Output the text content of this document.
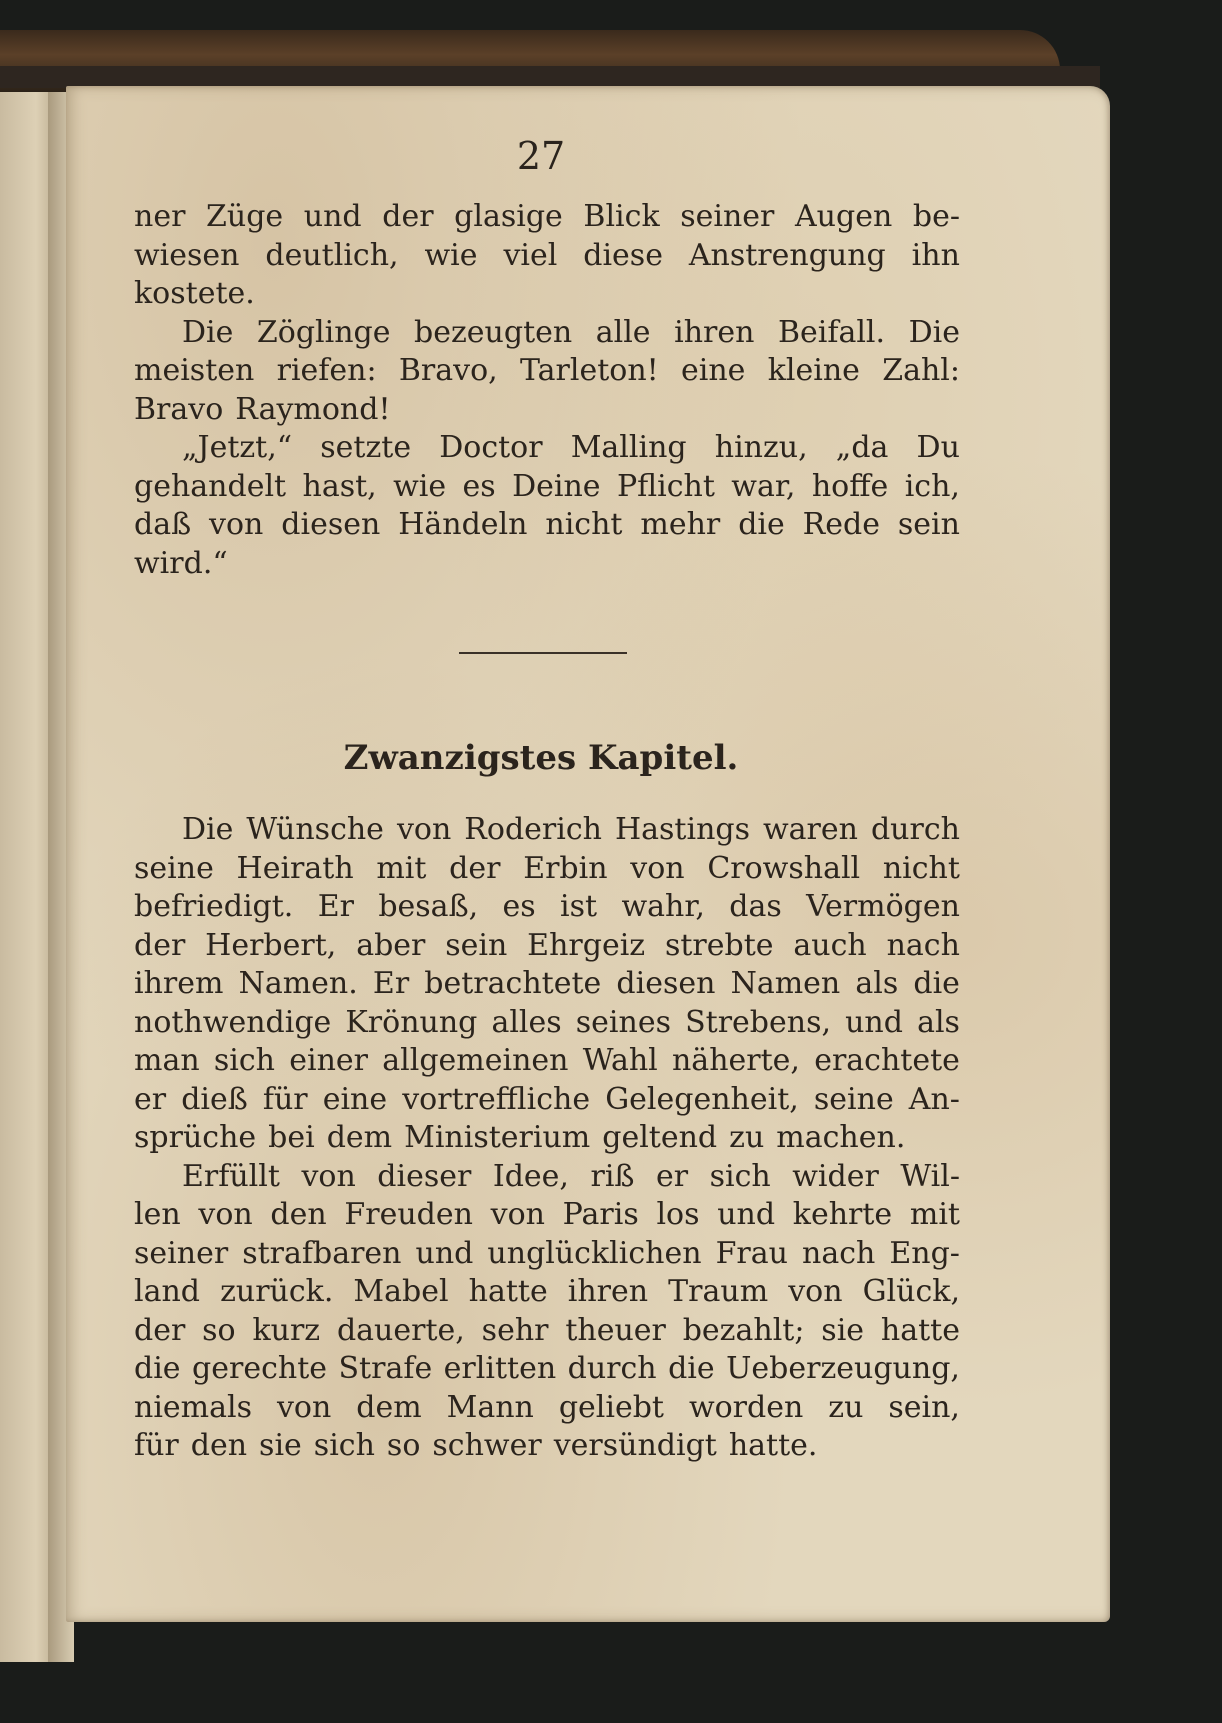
27
ner Züge und der glasige Blick seiner Augen be-
wiesen deutlich, wie viel diese Anstrengung ihn
kostete.
Die Zöglinge bezeugten alle ihren Beifall. Die
meisten riefen: Bravo, Tarleton! eine kleine Zahl:
Bravo Raymond!
„Jetzt,“ setzte Doctor Malling hinzu, „da Du
gehandelt hast, wie es Deine Pflicht war, hoffe ich,
daß von diesen Händeln nicht mehr die Rede sein
wird.“
Zwanzigstes Kapitel.
Die Wünsche von Roderich Hastings waren durch
seine Heirath mit der Erbin von Crowshall nicht
befriedigt. Er besaß, es ist wahr, das Vermögen
der Herbert, aber sein Ehrgeiz strebte auch nach
ihrem Namen. Er betrachtete diesen Namen als die
nothwendige Krönung alles seines Strebens, und als
man sich einer allgemeinen Wahl näherte, erachtete
er dieß für eine vortreffliche Gelegenheit, seine An-
sprüche bei dem Ministerium geltend zu machen.
Erfüllt von dieser Idee, riß er sich wider Wil-
len von den Freuden von Paris los und kehrte mit
seiner strafbaren und unglücklichen Frau nach Eng-
land zurück. Mabel hatte ihren Traum von Glück,
der so kurz dauerte, sehr theuer bezahlt; sie hatte
die gerechte Strafe erlitten durch die Ueberzeugung,
niemals von dem Mann geliebt worden zu sein,
für den sie sich so schwer versündigt hatte.
